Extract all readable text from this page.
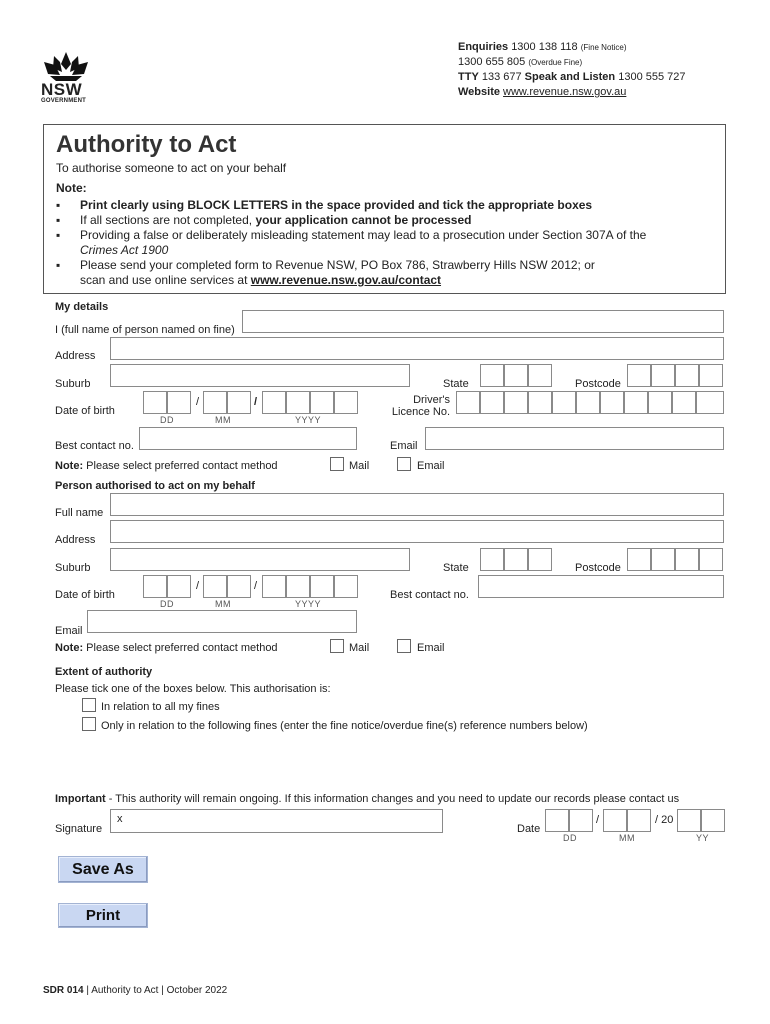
NSW
GOVERNMENT
Enquiries 1300 138 118 (Fine Notice)
1300 655 805 (Overdue Fine)
TTY 133 677 Speak and Listen 1300 555 727
Website www.revenue.nsw.gov.au
Authority to Act
To authorise someone to act on your behalf
Note:
▪ Print clearly using BLOCK LETTERS in the space provided and tick the appropriate boxes
▪ If all sections are not completed, your application cannot be processed
▪ Providing a false or deliberately misleading statement may lead to a prosecution under Section 307A of the
Crimes Act 1900
▪ Please send your completed form to Revenue NSW, PO Box 786, Strawberry Hills NSW 2012; or
scan and use online services at www.revenue.nsw.gov.au/contact
My details
I (full name of person named on fine)
Address
Suburb	State	Postcode
Date of birth
/	/
DD	MM	YYYY
Driver's
Licence No.
Best contact no.	Email
Note: Please select preferred contact method	Mail	Email
Person authorised to act on my behalf
Full name
Address
Suburb	State	Postcode
Date of birth
/	/
DD	MM	YYYY
Best contact no.
Email
Note: Please select preferred contact method	Mail	Email
Extent of authority
Please tick one of the boxes below. This authorisation is:
In relation to all my fines
Only in relation to the following fines (enter the fine notice/overdue fine(s) reference numbers below)
Important - This authority will remain ongoing. If this information changes and you need to update our records please contact us
Signature
x
Date
/	/ 20
DD	MM	YY
Save As
Print
SDR 014 | Authority to Act | October 2022
